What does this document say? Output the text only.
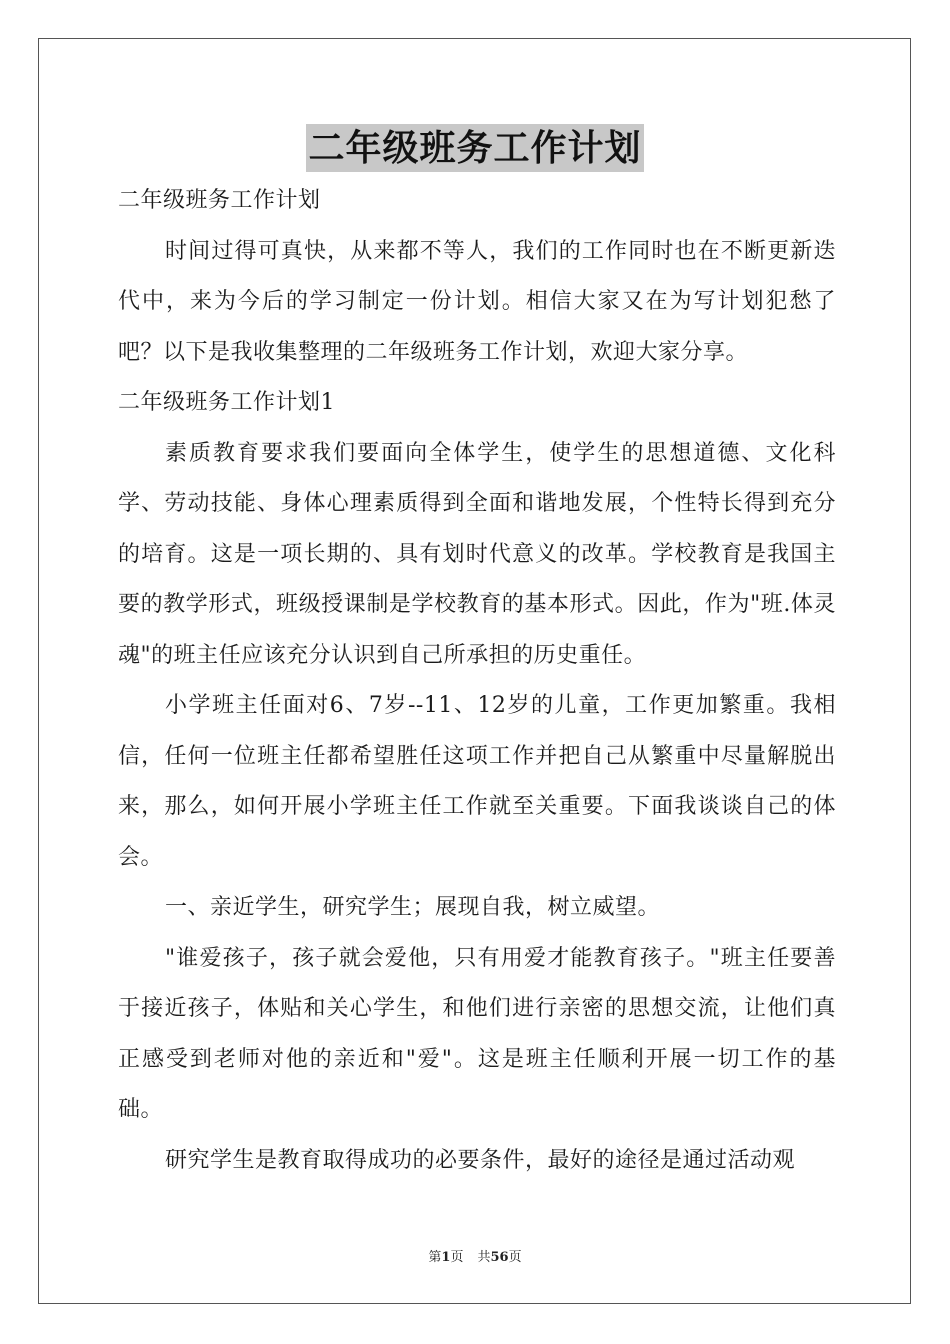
二年级班务工作计划

二年级班务工作计划

时间过得可真快，从来都不等人，我们的工作同时也在不断更新迭代中，来为今后的学习制定一份计划。相信大家又在为写计划犯愁了吧？以下是我收集整理的二年级班务工作计划，欢迎大家分享。

二年级班务工作计划1

素质教育要求我们要面向全体学生，使学生的思想道德、文化科学、劳动技能、身体心理素质得到全面和谐地发展，个性特长得到充分的培育。这是一项长期的、具有划时代意义的改革。学校教育是我国主要的教学形式，班级授课制是学校教育的基本形式。因此，作为"班.体灵魂"的班主任应该充分认识到自己所承担的历史重任。

小学班主任面对6、7岁--11、12岁的儿童，工作更加繁重。我相信，任何一位班主任都希望胜任这项工作并把自己从繁重中尽量解脱出来，那么，如何开展小学班主任工作就至关重要。下面我谈谈自己的体会。

一、亲近学生，研究学生；展现自我，树立威望。

"谁爱孩子，孩子就会爱他，只有用爱才能教育孩子。"班主任要善于接近孩子，体贴和关心学生，和他们进行亲密的思想交流，让他们真正感受到老师对他的亲近和"爱"。这是班主任顺利开展一切工作的基础。

研究学生是教育取得成功的必要条件，最好的途径是通过活动观

第1页 共56页
